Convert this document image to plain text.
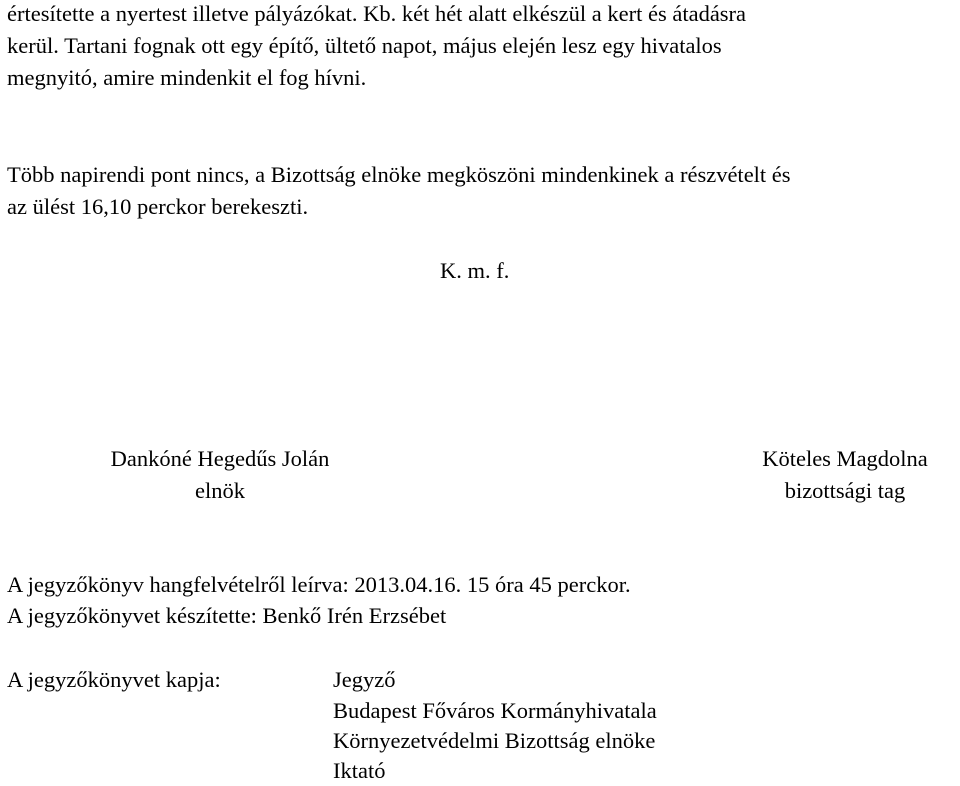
értesítette a nyertest illetve pályázókat. Kb. két hét alatt elkészül a kert és átadásra
kerül. Tartani fognak ott egy építő, ültető napot, május elején lesz egy hivatalos
megnyitó, amire mindenkit el fog hívni.
Több napirendi pont nincs, a Bizottság elnöke megköszöni mindenkinek a részvételt és
az ülést 16,10 perckor berekeszti.
K. m. f.
Dankóné Hegedűs Jolán
elnök
Köteles Magdolna
bizottsági tag
A jegyzőkönyv hangfelvételről leírva: 2013.04.16. 15 óra 45 perckor.
A jegyzőkönyvet készítette: Benkő Irén Erzsébet
A jegyzőkönyvet kapja:	Jegyző
Budapest Főváros Kormányhivatala
Környezetvédelmi Bizottság elnöke
Iktató
